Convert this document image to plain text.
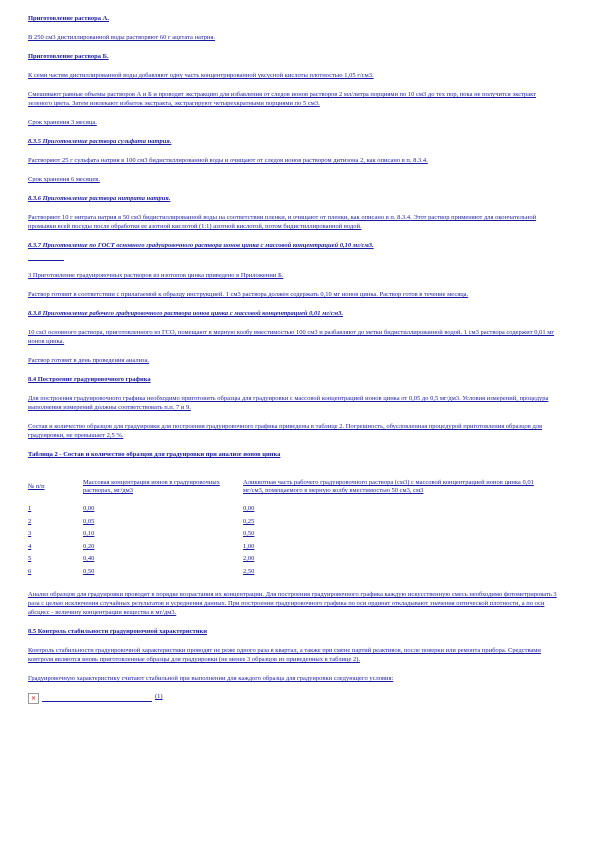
Приготовление раствора А.

В 250 см3 дистиллированной воды растворяют 60 г ацетата натрия.

Приготовление раствора Б.

К семи частям дистиллированной воды добавляют одну часть концентрированной уксусной кислоты плотностью 1,05 г/см3.

Смешивают равные объемы растворов А и Б и проводят экстракцию для избавления от следов ионов растворов 2 мл/литра порциями по 10 см3 до тех пор, пока не получится экстракт зеленого цвета. Затем извлекают избыток экстракта, экстрагируют четырехкратными порциями по 5 см3.

Срок хранения 3 месяца.

8.3.5 Приготовление раствора сульфата натрия.

Растворяют 25 г сульфата натрия в 100 см3 бидистиллированной воды и очищают от следов ионов раствором дитизона 2, как описано в п. 8.3.4.

Срок хранения 6 месяцев.

8.3.6 Приготовление раствора нитрата натрия.

Растворяют 10 г нитрата натрия в 50 см3 бидистиллированной воды на соответствии пленки, и очищают от пленки, как описано в п. 8.3.4. Этот раствор применяют для окончательной промывки всей посуды после обработки ее азотной кислотой (1:1) азотной кислотой, потом бидистиллированной водой.

8.3.7 Приготовление по ГОСТ основного градуировочного раствора ионов цинка с массовой концентрацией 0,10 мг/см3.

3 Приготовление градуировочных растворов из изотопов цинка приведено в Приложении Б.

Раствор готовят в соответствии с прилагаемой к образцу инструкцией. 1 см3 раствора должен содержать 0,10 мг ионов цинка. Раствор готов в течение месяца.

8.3.8 Приготовление рабочего градуировочного раствора ионов цинка с массовой концентрацией 0,01 мг/см3.

10 см3 основного раствора, приготовленного из ГСО, помещают в мерную колбу вместимостью 100 см3 и разбавляют до метки бидистиллированной водой. 1 см3 раствора содержит 0,01 мг ионов цинка.

Раствор готовят в день проведения анализа.

8.4 Построение градуировочного графика

Для построения градуировочного графика необходимо приготовить образцы для градуировки с массовой концентрацией ионов цинка от 0,05 до 0,5 мг/дм3. Условия измерений, процедура выполнения измерений должны соответствовать п.п. 7 и 9.

Состав и количество образцов для градуировки для построения градуировочного графика приведены в таблице 2. Погрешность, обусловленная процедурой приготовления образцов для градуировки, не превышает 2,5 %.

Таблица 2 - Состав и количество образцов для градуировки при анализе ионов цинка

№ п/п	Массовая концентрация ионов в градуировочных растворах, мг/дм3	Аликвотная часть рабочего градуировочного раствора (см3) с массовой концентрацией ионов цинка 0,01 мг/см3, помещаемого в мерную колбу вместимостью 50 см3, см3
1	0,00	0,00
2	0,05	0,25
3	0,10	0,50
4	0,20	1,00
5	0,40	2,00
6	0,50	2,50

Анализ образцов для градуировки проводят в порядке возрастания их концентрации. Для построения градуировочного графика каждую искусственную смесь необходимо фотометрировать 3 раза с целью исключения случайных результатов и усреднения данных. При построении градуировочного графика по оси ординат откладывают значения оптической плотности, а по оси абсцисс - величину концентрации вещества в мг/дм3.

8.5 Контроль стабильности градуировочной характеристики

Контроль стабильности градуировочной характеристики проводят не реже одного раза в квартал, а также при смене партий реактивов, после поверки или ремонта прибора. Средствами контроля являются вновь приготовленные образцы для градуировки (не менее 3 образцов из приведенных в таблице 2).

Градуировочную характеристику считают стабильной при выполнении для каждого образца для градуировки следующего условия:

×	(1)
